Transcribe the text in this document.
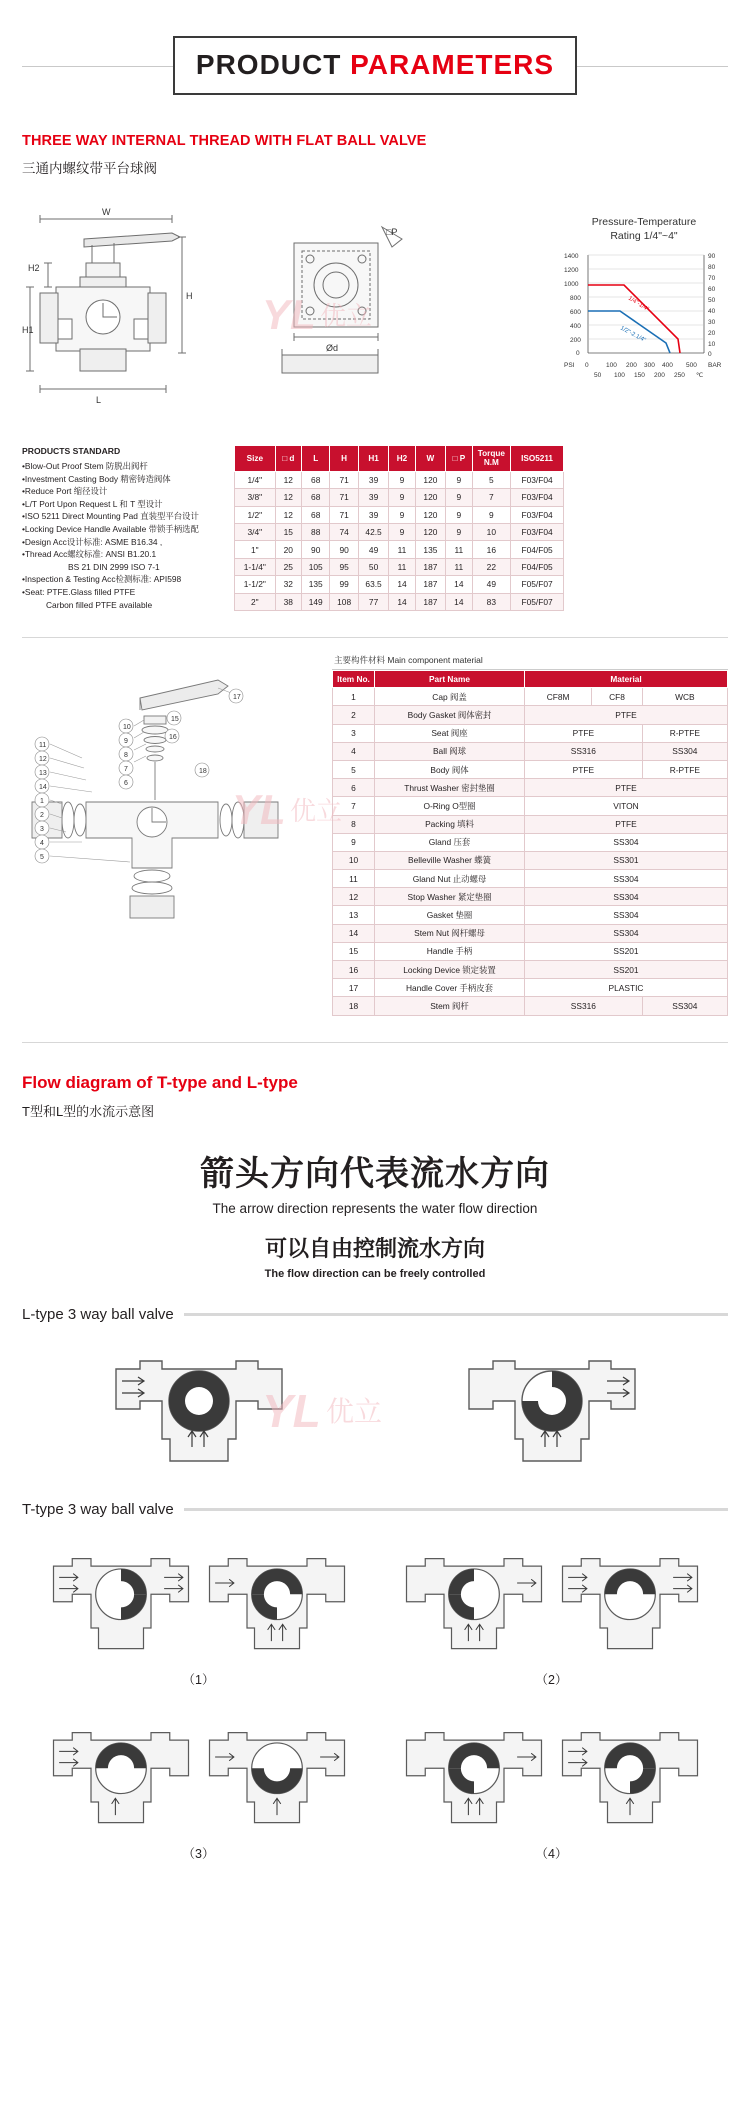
PRODUCT PARAMETERS
THREE WAY INTERNAL THREAD WITH FLAT BALL VALVE
三通内螺纹带平台球阀
W
H
H1
H2
L
□P
Ød
YL 优立
Pressure-Temperature
Rating 1/4"~4"
1400
1200
1000
800
600
400
200
0
90
80
70
60
50
40
30
20
10
0
1/4"-1/4"
1/2"-2.1/4"
PSI	BAR
0	100 200 300 400 500
50 100 150 200 250 ℃
PRODUCTS STANDARD
•Blow-Out Proof Stem 防脱出阀杆
•Investment Casting Body 精密铸造阀体
•Reduce Port 缩径设计
•L/T Port Upon Request L 和 T 型设计
•ISO 5211 Direct Mounting Pad 直装型平台设计
•Locking Device Handle Available 带锁手柄选配
•Design Acc设计标准: ASME B16.34 ,
•Thread Acc螺纹标准: ANSI B1.20.1
BS 21 DIN 2999 ISO 7-1
•Inspection & Testing Acc检测标准: API598
•Seat: PTFE.Glass filled PTFE
Carbon filled PTFE available
Size	□ d	L	H	H1	H2	W	□ P	Torque
N.M	ISO5211
1/4"	12	68	71	39	9	120	9	5	F03/F04
3/8"	12	68	71	39	9	120	9	7	F03/F04
1/2"	12	68	71	39	9	120	9	9	F03/F04
3/4"	15	88	74	42.5	9	120	9	10	F03/F04
1"	20	90	90	49	11	135	11	16	F04/F05
1-1/4"	25	105	95	50	11	187	11	22	F04/F05
1-1/2"	32	135	99	63.5	14	187	14	49	F05/F07
2"	38	149	108	77	14	187	14	83	F05/F07
11
12
13
14
1
2
3
4
5
10
9
8
7
6
17
18
15
16
YL 优立
主要构件材料 Main component material
Item No.	Part Name	Material		
1	Cap 阀盖	CF8M	CF8	WCB
2	Body Gasket 阀体密封	PTFE		
3	Seat 阀座	PTFE		R-PTFE
4	Ball 阀球	SS316		SS304
5	Body 阀体	PTFE		R-PTFE
6	Thrust Washer 密封垫圈	PTFE		
7	O-Ring O型圈	VITON		
8	Packing 填料	PTFE		
9	Gland 压套	SS304		
10	Belleville Washer 蝶簧	SS301		
11	Gland Nut 止动螺母	SS304		
12	Stop Washer 紧定垫圈	SS304		
13	Gasket 垫圈	SS304		
14	Stem Nut 阀杆螺母	SS304		
15	Handle 手柄	SS201		
16	Locking Device 锁定装置	SS201		
17	Handle Cover 手柄皮套	PLASTIC		
18	Stem 阀杆	SS316		SS304
Flow diagram of T-type and L-type
T型和L型的水流示意图
箭头方向代表流水方向
The arrow direction represents the water flow direction
可以自由控制流水方向
The flow direction can be freely controlled
L-type 3 way ball valve
YL 优立
T-type 3 way ball valve
（1）	（2）
（3）	（4）
